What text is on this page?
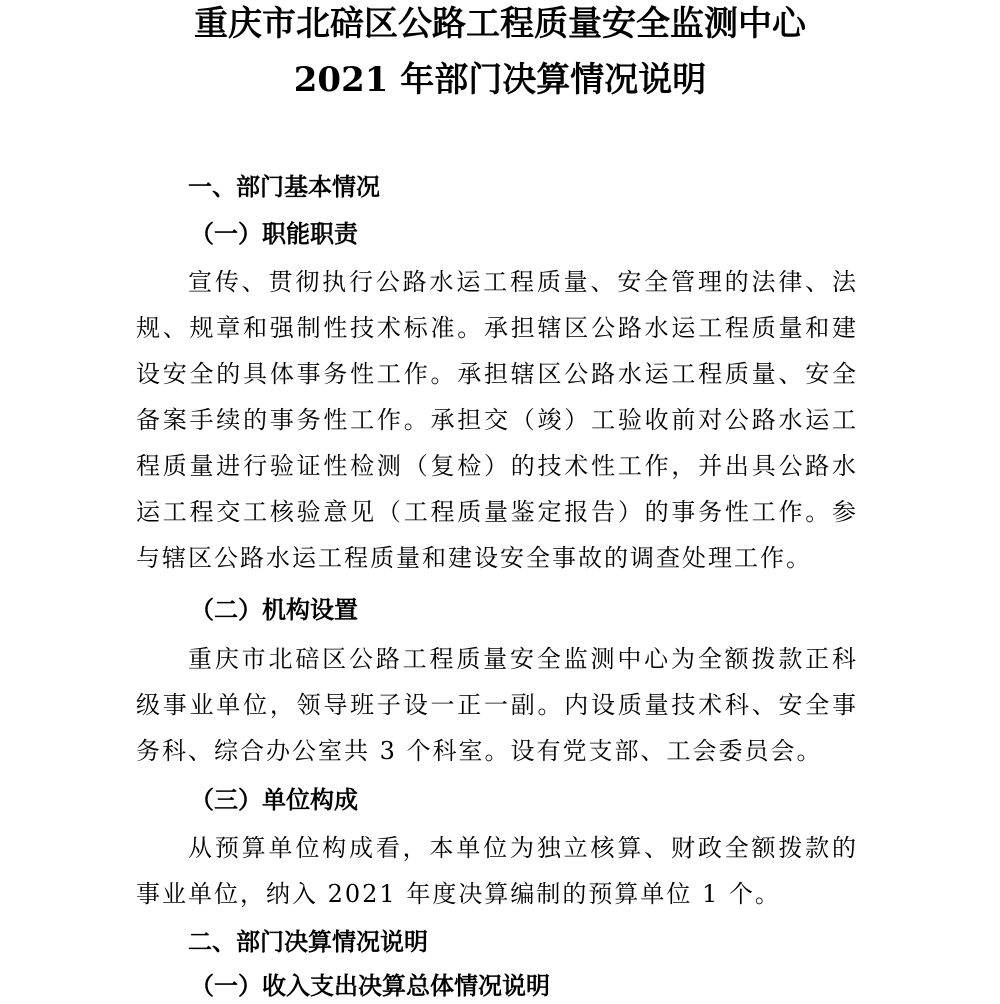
重庆市北碚区公路工程质量安全监测中心
2021 年部门决算情况说明
一、部门基本情况
（一）职能职责

宣传、贯彻执行公路水运工程质量、安全管理的法律、法规、规章和强制性技术标准。承担辖区公路水运工程质量和建设安全的具体事务性工作。承担辖区公路水运工程质量、安全备案手续的事务性工作。承担交（竣）工验收前对公路水运工程质量进行验证性检测（复检）的技术性工作，并出具公路水运工程交工核验意见（工程质量鉴定报告）的事务性工作。参与辖区公路水运工程质量和建设安全事故的调查处理工作。

（二）机构设置

重庆市北碚区公路工程质量安全监测中心为全额拨款正科级事业单位，领导班子设一正一副。内设质量技术科、安全事务科、综合办公室共 3 个科室。设有党支部、工会委员会。

（三）单位构成

从预算单位构成看，本单位为独立核算、财政全额拨款的事业单位，纳入 2021 年度决算编制的预算单位 1 个。

二、部门决算情况说明
（一）收入支出决算总体情况说明
